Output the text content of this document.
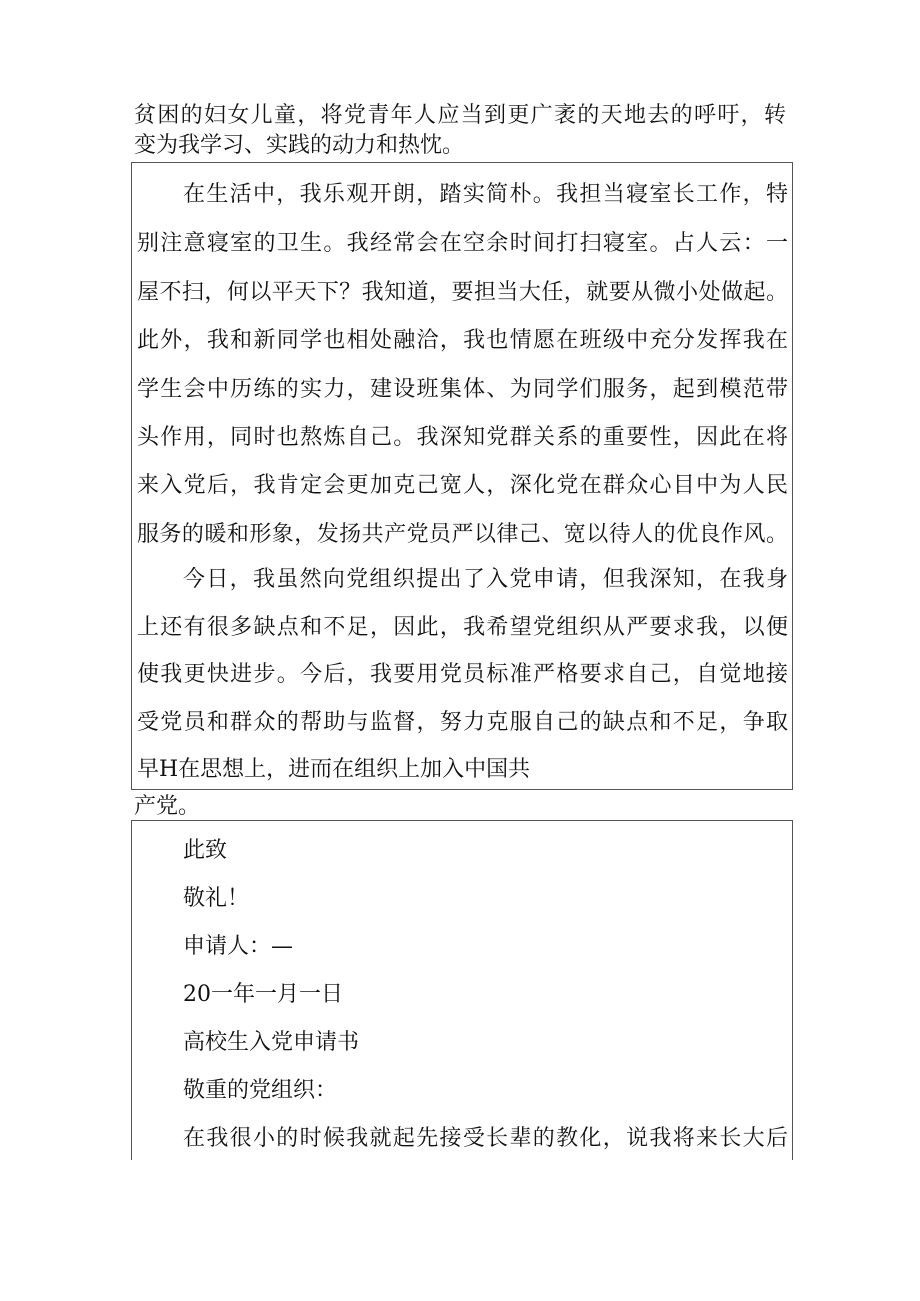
贫困的妇女儿童，将党青年人应当到更广袤的天地去的呼吁，转
变为我学习、实践的动力和热忱。
在生活中，我乐观开朗，踏实简朴。我担当寝室长工作，特
别注意寝室的卫生。我经常会在空余时间打扫寝室。占人云：一
屋不扫，何以平天下？我知道，要担当大任，就要从微小处做起。
此外，我和新同学也相处融洽，我也情愿在班级中充分发挥我在
学生会中历练的实力，建设班集体、为同学们服务，起到模范带
头作用，同时也熬炼自己。我深知党群关系的重要性，因此在将
来入党后，我肯定会更加克己宽人，深化党在群众心目中为人民
服务的暖和形象，发扬共产党员严以律己、宽以待人的优良作风。
今日，我虽然向党组织提出了入党申请，但我深知，在我身
上还有很多缺点和不足，因此，我希望党组织从严要求我，以便
使我更快进步。今后，我要用党员标准严格要求自己，自觉地接
受党员和群众的帮助与监督，努力克服自己的缺点和不足，争取
早H在思想上，进而在组织上加入中国共
产党。
此致
敬礼！
申请人：—
20一年一月一日
高校生入党申请书
敬重的党组织：
在我很小的时候我就起先接受长辈的教化，说我将来长大后
